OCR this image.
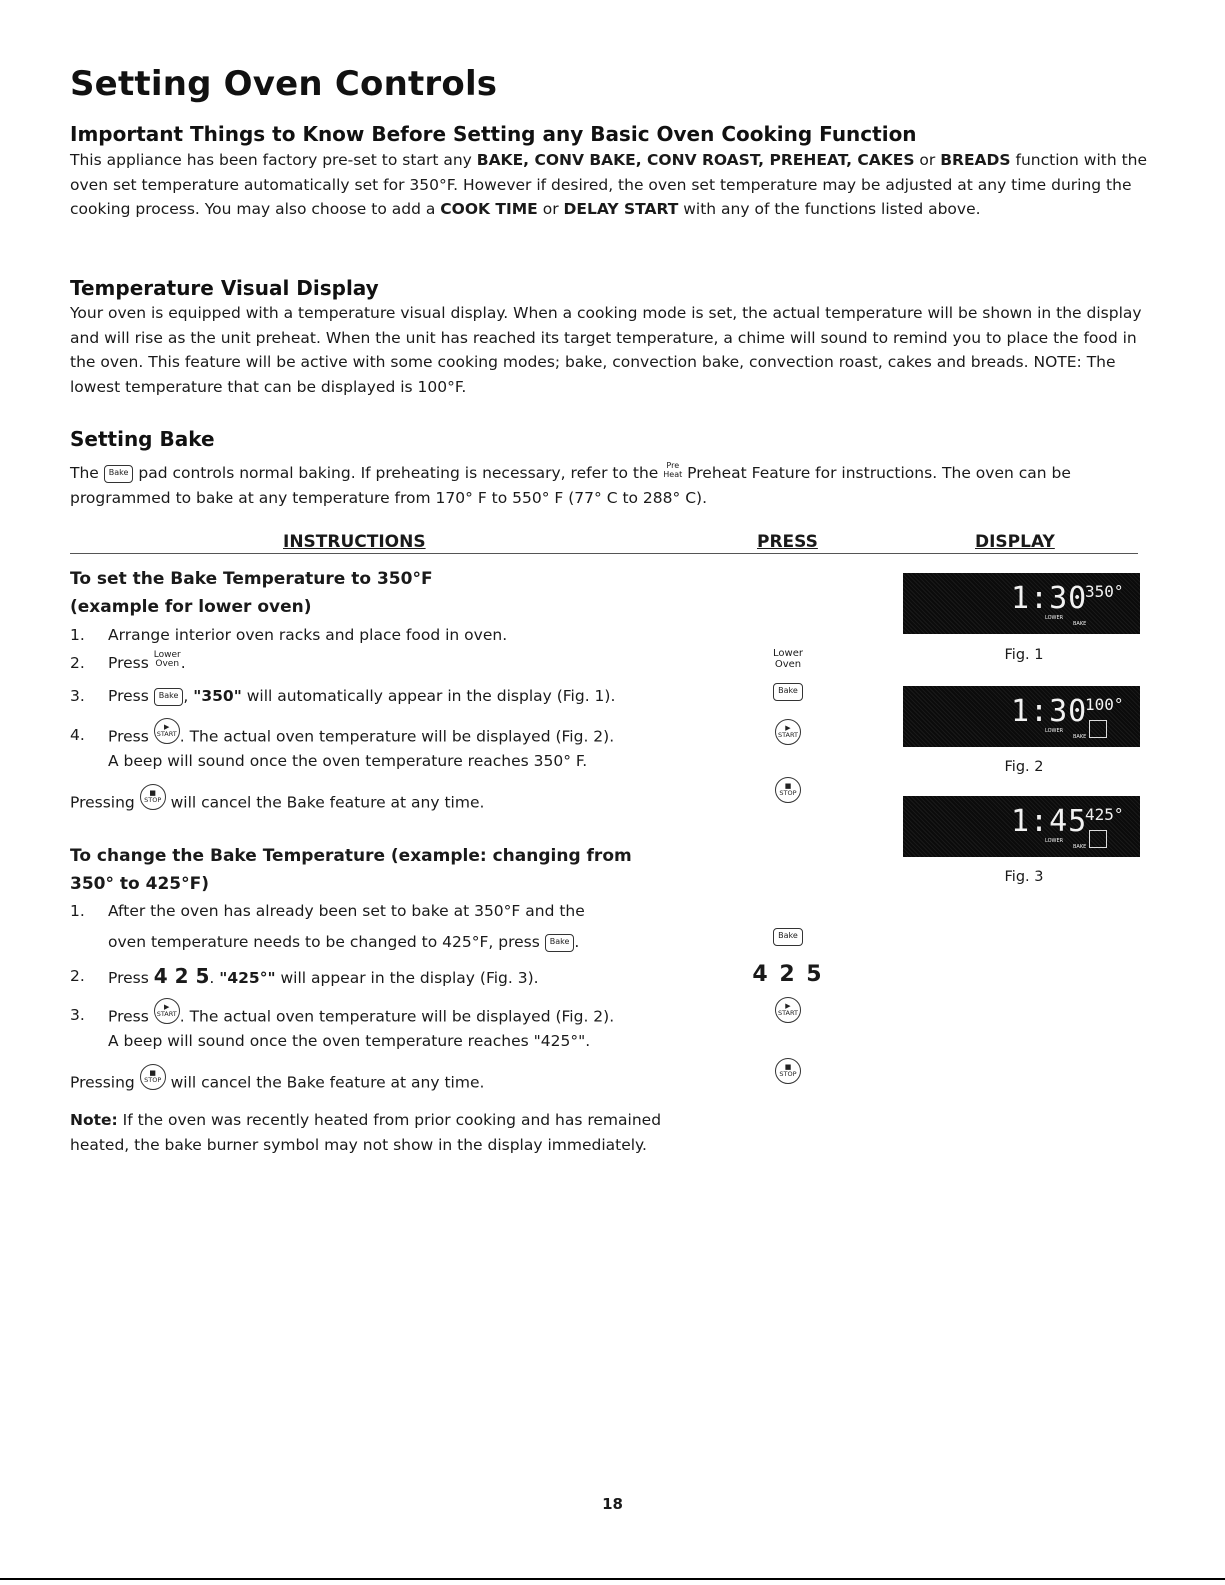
Setting Oven Controls
Important Things to Know Before Setting any Basic Oven Cooking Function

This appliance has been factory pre-set to start any BAKE, CONV BAKE, CONV ROAST, PREHEAT, CAKES or BREADS function with the oven set temperature automatically set for 350°F. However if desired, the oven set temperature may be adjusted at any time during the cooking process. You may also choose to add a COOK TIME or DELAY START with any of the functions listed above.

Temperature Visual Display

Your oven is equipped with a temperature visual display. When a cooking mode is set, the actual temperature will be shown in the display and will rise as the unit preheat. When the unit has reached its target temperature, a chime will sound to remind you to place the food in the oven. This feature will be active with some cooking modes; bake, convection bake, convection roast, cakes and breads. NOTE: The lowest temperature that can be displayed is 100°F.

Setting Bake

The Bake pad controls normal baking. If preheating is necessary, refer to the Pre
Heat Preheat Feature for instructions. The oven can be programmed to bake at any temperature from 170° F to 550° F (77° C to 288° C).

INSTRUCTIONS	PRESS	DISPLAY
To set the Bake Temperature to 350°F
(example for lower oven)
1. Arrange interior oven racks and place food in oven.
2. Press Lower
Oven .
3. Press Bake , "350" will automatically appear in the display (Fig. 1).
4. Press
▶
START . The actual oven temperature will be displayed (Fig. 2).
A beep will sound once the oven temperature reaches 350° F.
Pressing
■
STOP will cancel the Bake feature at any time.
To change the Bake Temperature (example: changing from
350° to 425°F)
1. After the oven has already been set to bake at 350°F and the
oven temperature needs to be changed to 425°F, press Bake .
2. Press 4 2 5. "425°" will appear in the display (Fig. 3).
3. Press
▶
START . The actual oven temperature will be displayed (Fig. 2).
A beep will sound once the oven temperature reaches "425°".
Pressing
■
STOP will cancel the Bake feature at any time.

Note: If the oven was recently heated from prior cooking and has remained heated, the bake burner symbol may not show in the display immediately.

Lower
Oven
Bake
▶
START
■
STOP
Bake
4 2 5
▶
START
■
STOP
1:30
350°
LOWER
BAKE
Fig. 1
1:30
100°
LOWER
BAKE
Fig. 2
1:45
425°
LOWER
BAKE
Fig. 3
18
